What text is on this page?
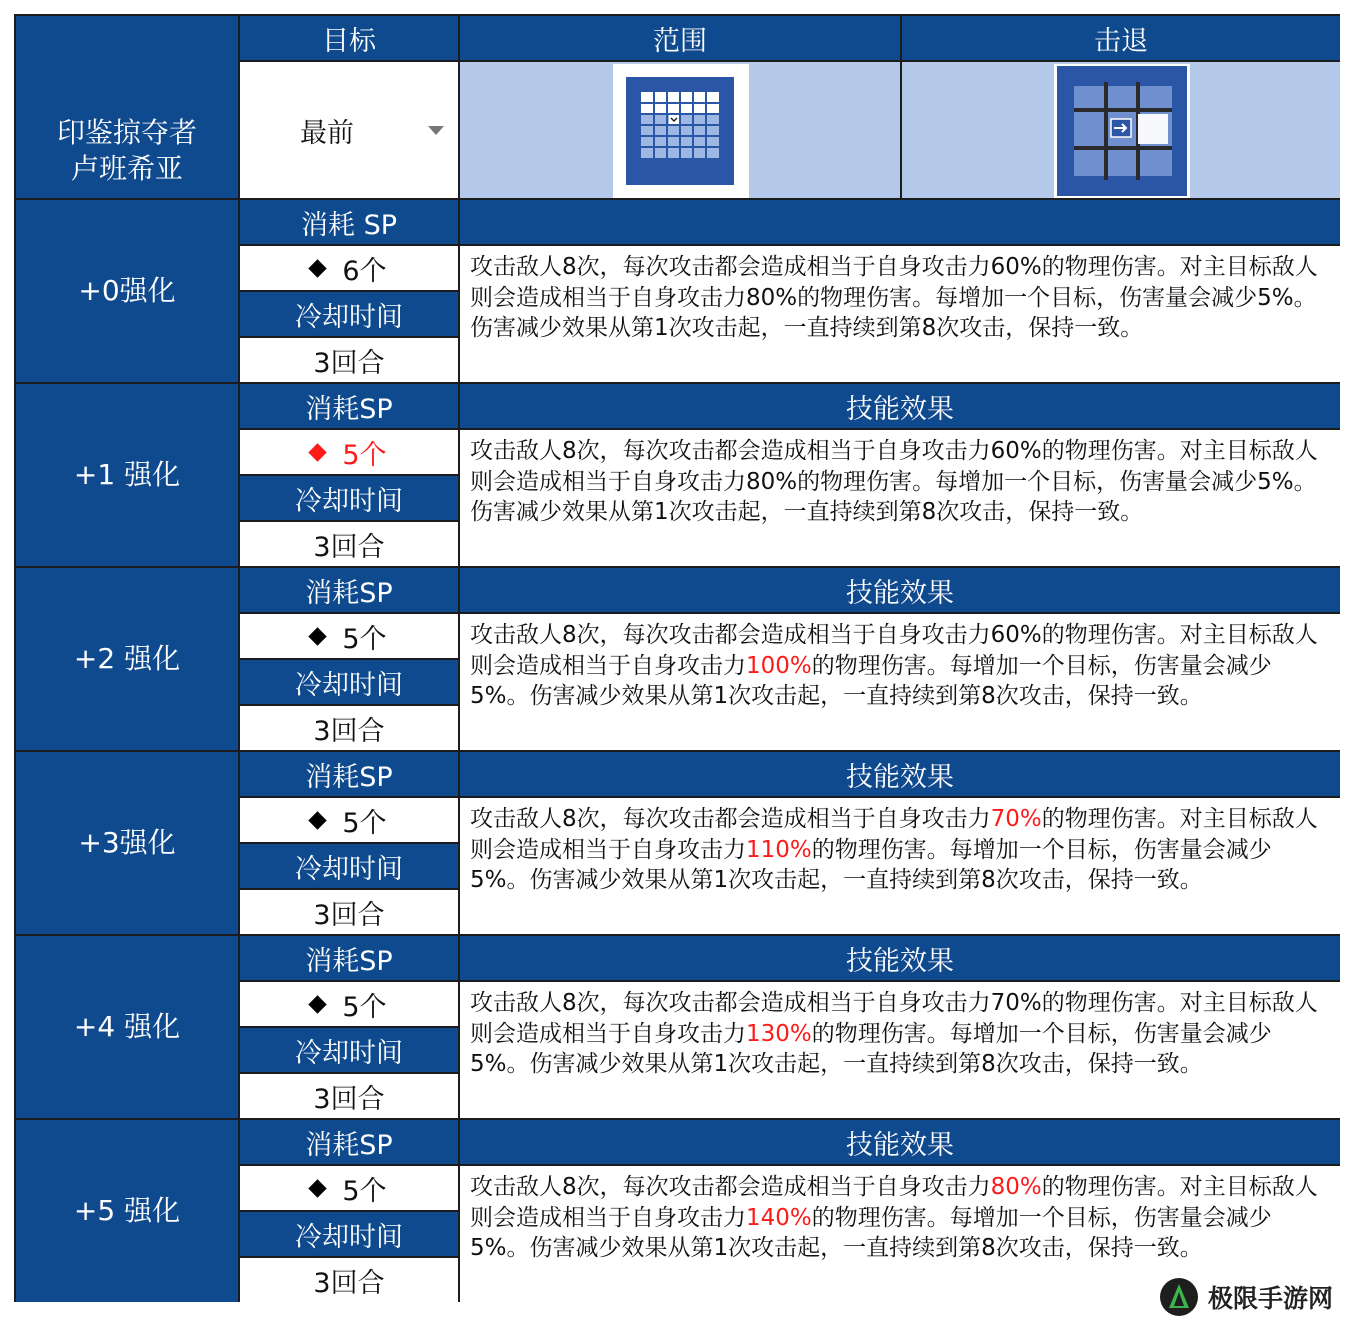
印鉴掠夺者
卢班希亚
目标	范围	击退
最前
+0强化
消耗 SP
6个
冷却时间
3回合
攻击敌人8次，每次攻击都会造成相当于自身攻击力60%的物理伤害。对主目标敌人则会造成相当于自身攻击力80%的物理伤害。每增加一个目标，伤害量会减少5%。伤害减少效果从第1次攻击起，一直持续到第8次攻击，保持一致。
+1 强化
消耗SP	技能效果
5个
冷却时间
3回合
攻击敌人8次，每次攻击都会造成相当于自身攻击力60%的物理伤害。对主目标敌人则会造成相当于自身攻击力80%的物理伤害。每增加一个目标，伤害量会减少5%。伤害减少效果从第1次攻击起，一直持续到第8次攻击，保持一致。
+2 强化
消耗SP	技能效果
5个
冷却时间
3回合
攻击敌人8次，每次攻击都会造成相当于自身攻击力60%的物理伤害。对主目标敌人则会造成相当于自身攻击力100%的物理伤害。每增加一个目标，伤害量会减少5%。伤害减少效果从第1次攻击起，一直持续到第8次攻击，保持一致。
+3强化
消耗SP	技能效果
5个
冷却时间
3回合
攻击敌人8次，每次攻击都会造成相当于自身攻击力70%的物理伤害。对主目标敌人则会造成相当于自身攻击力110%的物理伤害。每增加一个目标，伤害量会减少5%。伤害减少效果从第1次攻击起，一直持续到第8次攻击，保持一致。
+4 强化
消耗SP	技能效果
5个
冷却时间
3回合
攻击敌人8次，每次攻击都会造成相当于自身攻击力70%的物理伤害。对主目标敌人则会造成相当于自身攻击力130%的物理伤害。每增加一个目标，伤害量会减少5%。伤害减少效果从第1次攻击起，一直持续到第8次攻击，保持一致。
+5 强化
消耗SP	技能效果
5个
冷却时间
3回合
攻击敌人8次，每次攻击都会造成相当于自身攻击力80%的物理伤害。对主目标敌人则会造成相当于自身攻击力140%的物理伤害。每增加一个目标，伤害量会减少5%。伤害减少效果从第1次攻击起，一直持续到第8次攻击，保持一致。
极限手游网
